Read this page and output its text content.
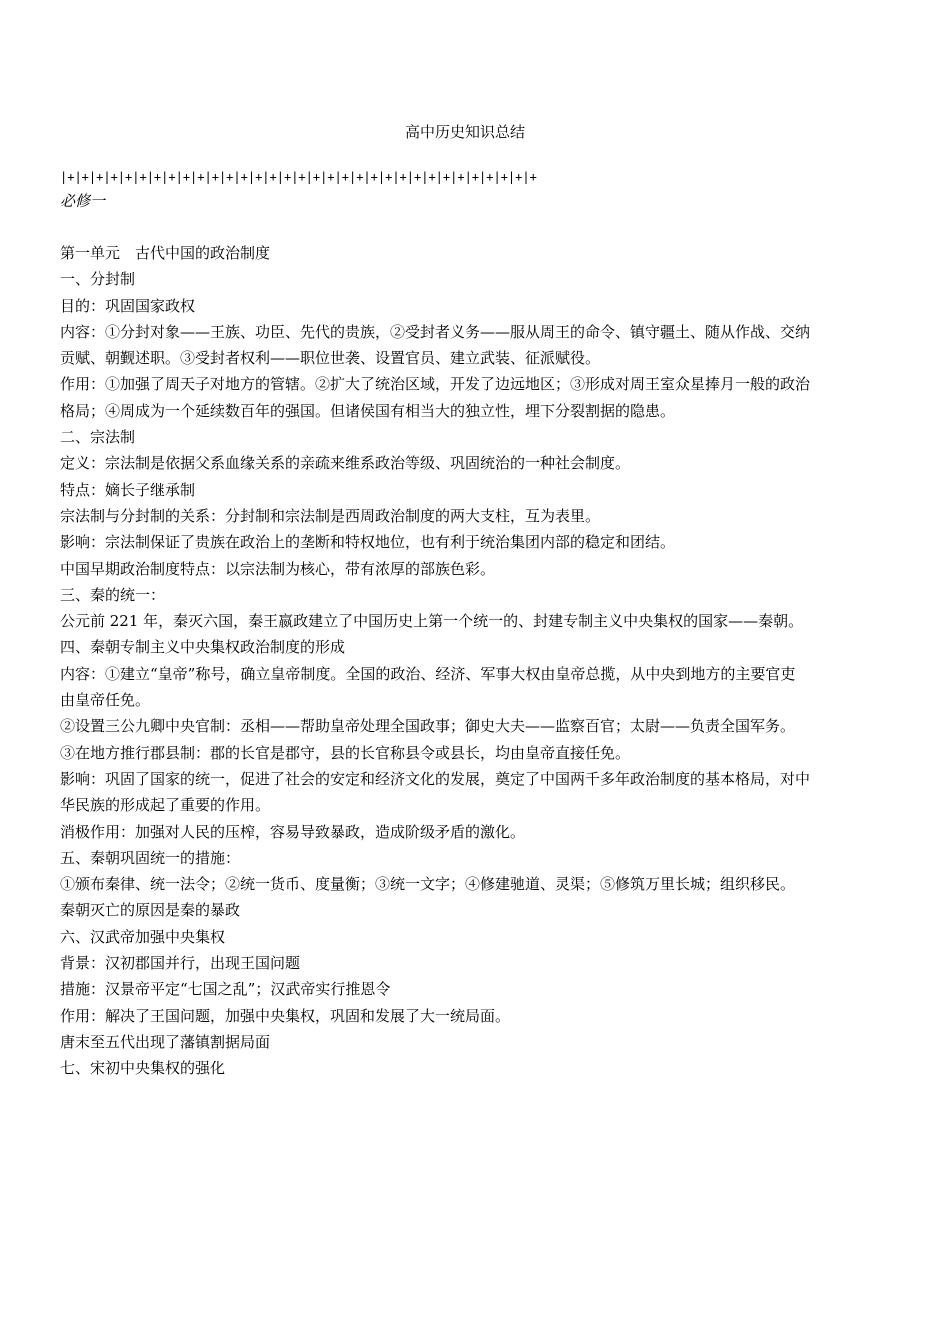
高中历史知识总结
|+|+|+|+|+|+|+|+|+|+|+|+|+|+|+|+|+|+|+|+|+|+|+|+|+|+|+|+|+|+|+|+|+
必修一

第一单元　古代中国的政治制度

一、分封制

目的：巩固国家政权

内容：①分封对象——王族、功臣、先代的贵族，②受封者义务——服从周王的命令、镇守疆土、随从作战、交纳贡赋、朝觐述职。③受封者权利——职位世袭、设置官员、建立武装、征派赋役。

作用：①加强了周天子对地方的管辖。②扩大了统治区域，开发了边远地区；③形成对周王室众星捧月一般的政治格局；④周成为一个延续数百年的强国。但诸侯国有相当大的独立性，埋下分裂割据的隐患。

二、宗法制

定义：宗法制是依据父系血缘关系的亲疏来维系政治等级、巩固统治的一种社会制度。

特点：嫡长子继承制

宗法制与分封制的关系：分封制和宗法制是西周政治制度的两大支柱，互为表里。

影响：宗法制保证了贵族在政治上的垄断和特权地位，也有利于统治集团内部的稳定和团结。

中国早期政治制度特点：以宗法制为核心，带有浓厚的部族色彩。

三、秦的统一：

公元前 221 年，秦灭六国，秦王嬴政建立了中国历史上第一个统一的、封建专制主义中央集权的国家——秦朝。

四、秦朝专制主义中央集权政治制度的形成

内容：①建立“皇帝”称号，确立皇帝制度。全国的政治、经济、军事大权由皇帝总揽，从中央到地方的主要官吏由皇帝任免。

②设置三公九卿中央官制：丞相——帮助皇帝处理全国政事；御史大夫——监察百官；太尉——负责全国军务。

③在地方推行郡县制：郡的长官是郡守，县的长官称县令或县长，均由皇帝直接任免。

影响：巩固了国家的统一，促进了社会的安定和经济文化的发展，奠定了中国两千多年政治制度的基本格局，对中华民族的形成起了重要的作用。

消极作用：加强对人民的压榨，容易导致暴政，造成阶级矛盾的激化。

五、秦朝巩固统一的措施：

①颁布秦律、统一法令；②统一货币、度量衡；③统一文字；④修建驰道、灵渠；⑤修筑万里长城；组织移民。

秦朝灭亡的原因是秦的暴政

六、汉武帝加强中央集权

背景：汉初郡国并行，出现王国问题

措施：汉景帝平定“七国之乱”；汉武帝实行推恩令

作用：解决了王国问题，加强中央集权，巩固和发展了大一统局面。

唐末至五代出现了藩镇割据局面

七、宋初中央集权的强化
